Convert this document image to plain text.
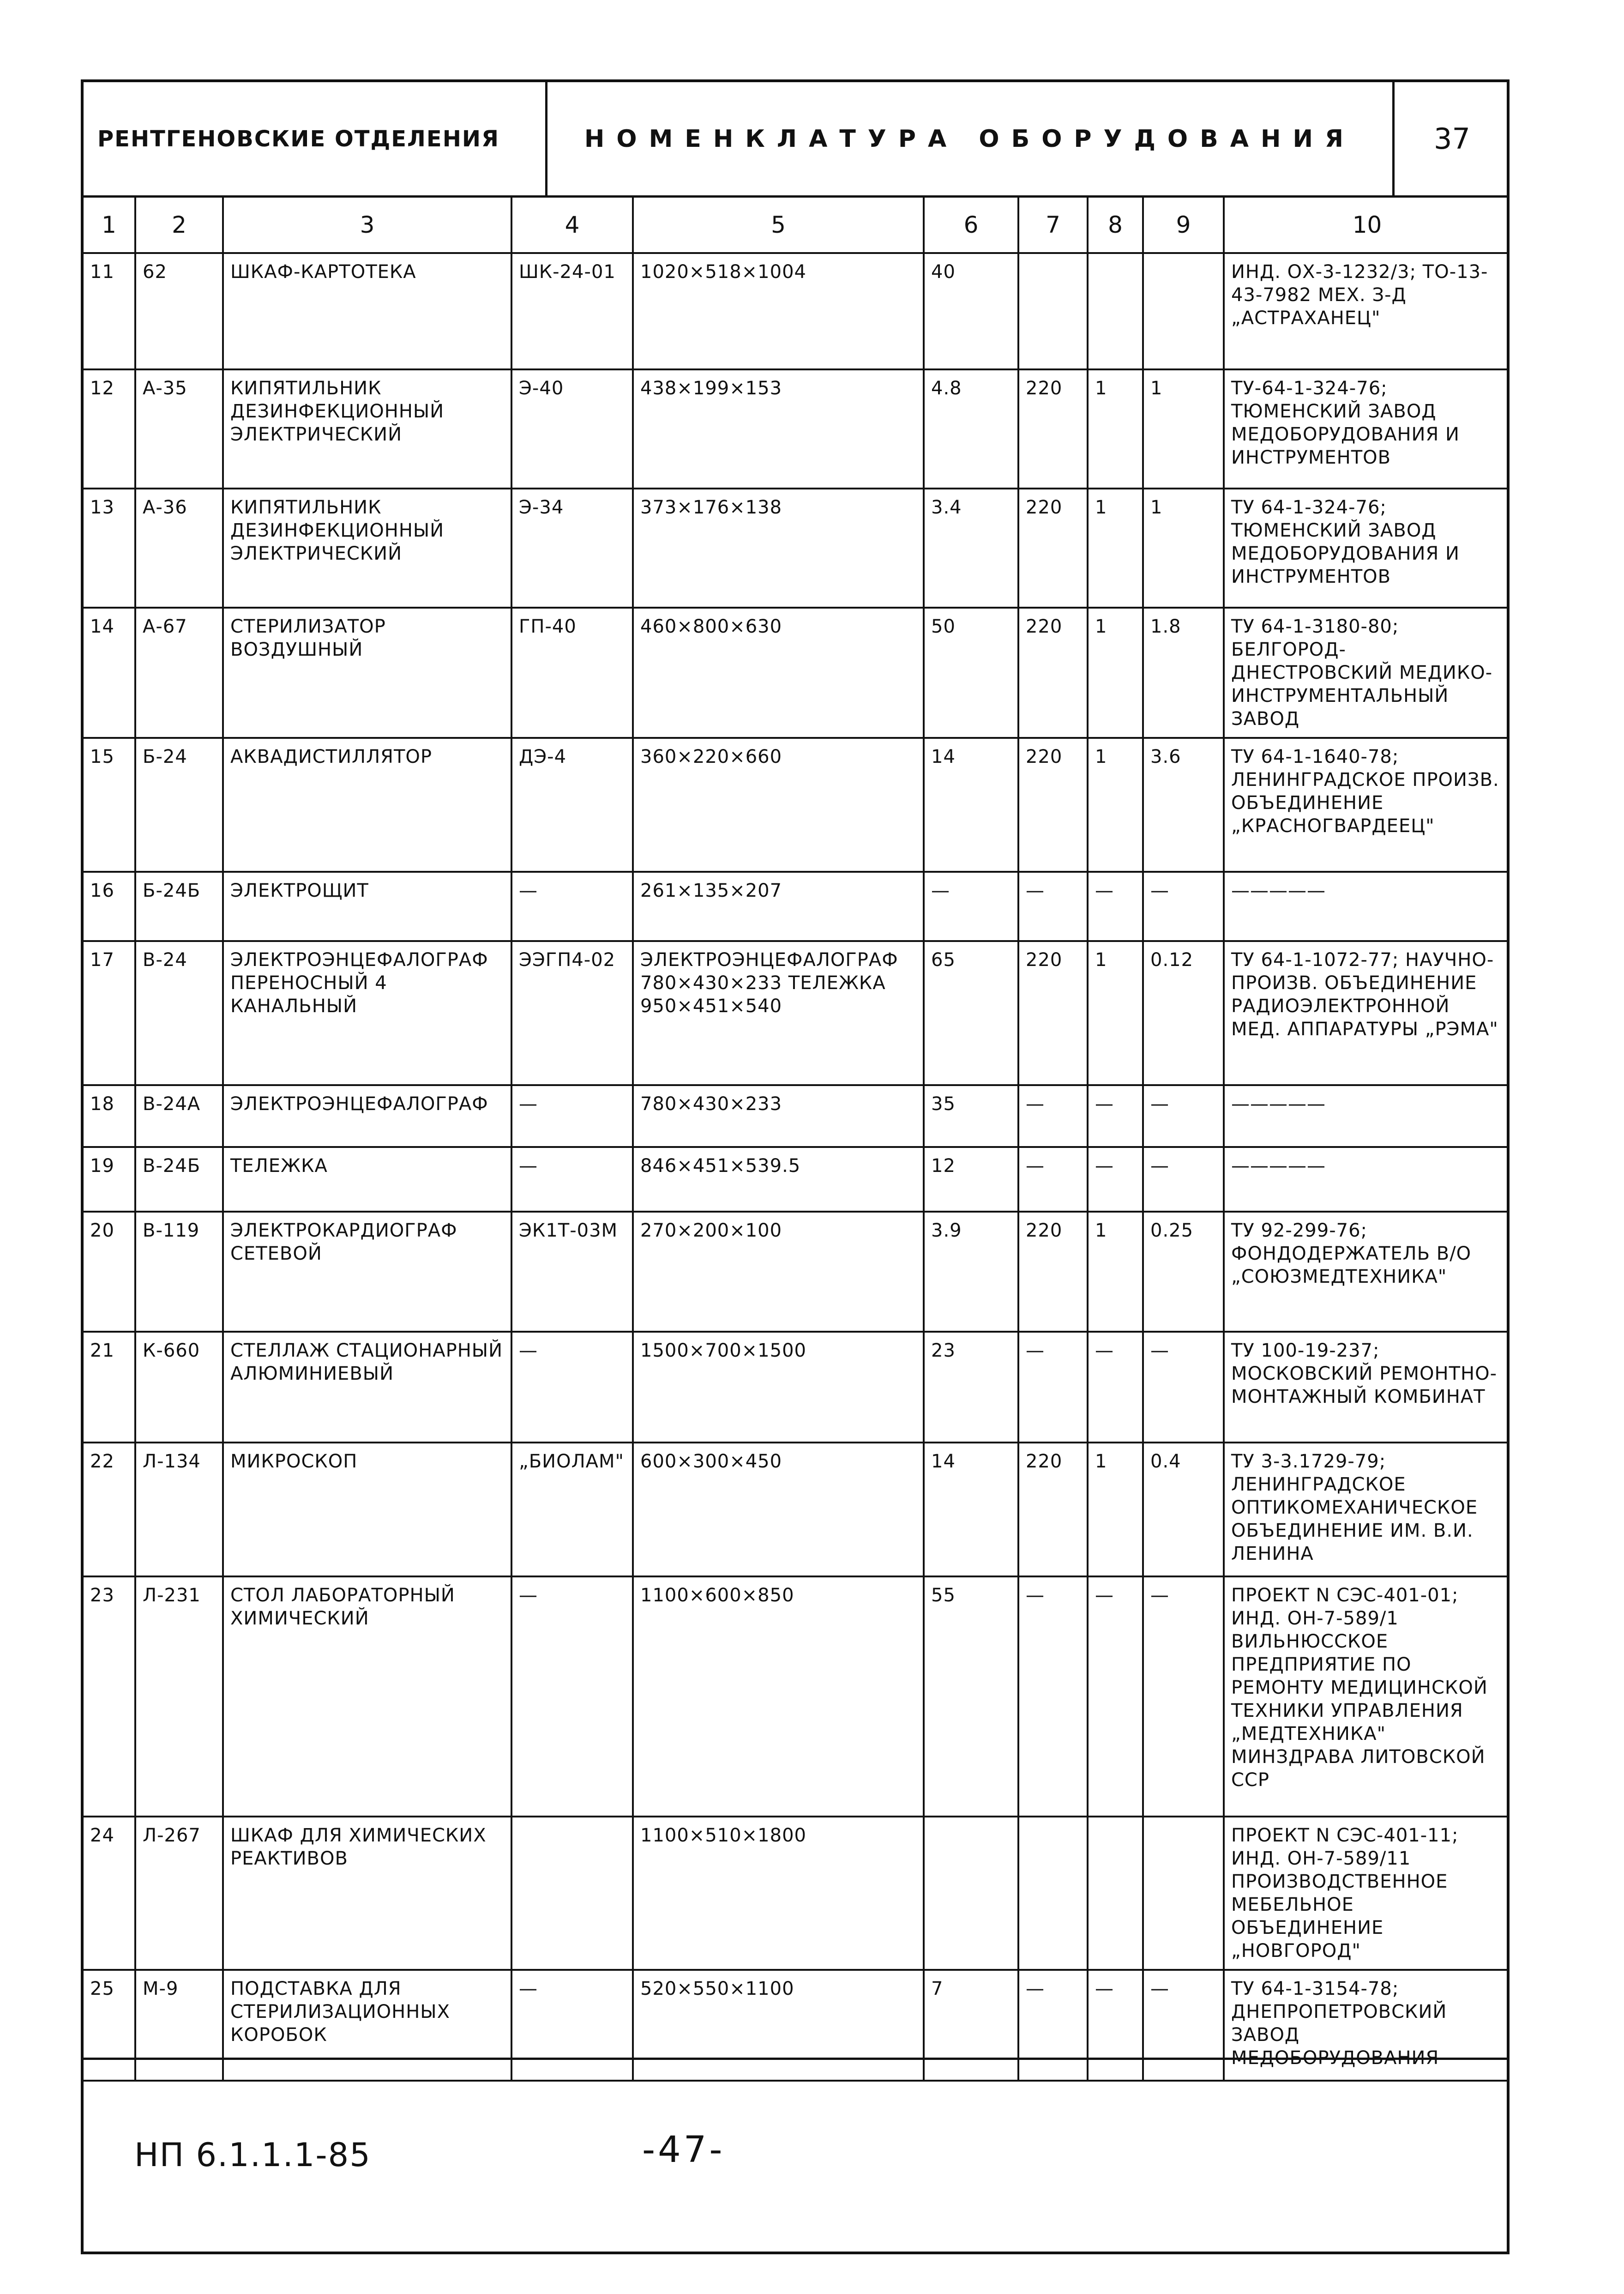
РЕНТГЕНОВСКИЕ ОТДЕЛЕНИЯ	НОМЕНКЛАТУРА ОБОРУДОВАНИЯ	37
1	2	3	4	5	6	7	8	9	10
11	62	ШКАФ-КАРТОТЕКА	ШК-24-01	1020×518×1004	40				ИНД. ОХ-3-1232/3; ТО-13-43-7982 МЕХ. З-Д „АСТРАХАНЕЦ"
12	А-35	КИПЯТИЛЬНИК ДЕЗИНФЕКЦИОННЫЙ ЭЛЕКТРИЧЕСКИЙ	Э-40	438×199×153	4.8	220	1	1	ТУ-64-1-324-76; ТЮМЕНСКИЙ ЗАВОД МЕДОБОРУДОВАНИЯ И ИНСТРУМЕНТОВ
13	А-36	КИПЯТИЛЬНИК ДЕЗИНФЕКЦИОННЫЙ ЭЛЕКТРИЧЕСКИЙ	Э-34	373×176×138	3.4	220	1	1	ТУ 64-1-324-76; ТЮМЕНСКИЙ ЗАВОД МЕДОБОРУДОВАНИЯ И ИНСТРУМЕНТОВ
14	А-67	СТЕРИЛИЗАТОР ВОЗДУШНЫЙ	ГП-40	460×800×630	50	220	1	1.8	ТУ 64-1-3180-80; БЕЛГОРОД-ДНЕСТРОВСКИЙ МЕДИКО-ИНСТРУМЕНТАЛЬНЫЙ ЗАВОД
15	Б-24	АКВАДИСТИЛЛЯТОР	ДЭ-4	360×220×660	14	220	1	3.6	ТУ 64-1-1640-78; ЛЕНИНГРАДСКОЕ ПРОИЗВ. ОБЪЕДИНЕНИЕ „КРАСНОГВАРДЕЕЦ"
16	Б-24Б	ЭЛЕКТРОЩИТ	—	261×135×207	—	—	—	—	—————
17	В-24	ЭЛЕКТРОЭНЦЕФАЛОГРАФ ПЕРЕНОСНЫЙ 4 КАНАЛЬНЫЙ	ЭЭГП4-02	ЭЛЕКТРОЭНЦЕФАЛОГРАФ 780×430×233 ТЕЛЕЖКА 950×451×540	65	220	1	0.12	ТУ 64-1-1072-77; НАУЧНО-ПРОИЗВ. ОБЪЕДИНЕНИЕ РАДИОЭЛЕКТРОННОЙ МЕД. АППАРАТУРЫ „РЭМА"
18	В-24А	ЭЛЕКТРОЭНЦЕФАЛОГРАФ	—	780×430×233	35	—	—	—	—————
19	В-24Б	ТЕЛЕЖКА	—	846×451×539.5	12	—	—	—	—————
20	В-119	ЭЛЕКТРОКАРДИОГРАФ СЕТЕВОЙ	ЭК1Т-03М	270×200×100	3.9	220	1	0.25	ТУ 92-299-76; ФОНДОДЕРЖАТЕЛЬ В/О „СОЮЗМЕДТЕХНИКА"
21	К-660	СТЕЛЛАЖ СТАЦИОНАРНЫЙ АЛЮМИНИЕВЫЙ	—	1500×700×1500	23	—	—	—	ТУ 100-19-237; МОСКОВСКИЙ РЕМОНТНО-МОНТАЖНЫЙ КОМБИНАТ
22	Л-134	МИКРОСКОП	„БИОЛАМ"	600×300×450	14	220	1	0.4	ТУ 3-3.1729-79; ЛЕНИНГРАДСКОЕ ОПТИКОМЕХАНИЧЕСКОЕ ОБЪЕДИНЕНИЕ ИМ. В.И. ЛЕНИНА
23	Л-231	СТОЛ ЛАБОРАТОРНЫЙ ХИМИЧЕСКИЙ	—	1100×600×850	55	—	—	—	ПРОЕКТ N СЭС-401-01; ИНД. ОН-7-589/1 ВИЛЬНЮССКОЕ ПРЕДПРИЯТИЕ ПО РЕМОНТУ МЕДИЦИНСКОЙ ТЕХНИКИ УПРАВЛЕНИЯ „МЕДТЕХНИКА" МИНЗДРАВА ЛИТОВСКОЙ ССР
24	Л-267	ШКАФ ДЛЯ ХИМИЧЕСКИХ РЕАКТИВОВ		1100×510×1800					ПРОЕКТ N СЭС-401-11; ИНД. ОН-7-589/11 ПРОИЗВОДСТВЕННОЕ МЕБЕЛЬНОЕ ОБЪЕДИНЕНИЕ „НОВГОРОД"
25	М-9	ПОДСТАВКА ДЛЯ СТЕРИЛИЗАЦИОННЫХ КОРОБОК	—	520×550×1100	7	—	—	—	ТУ 64-1-3154-78; ДНЕПРОПЕТРОВСКИЙ ЗАВОД МЕДОБОРУДОВАНИЯ
НП 6.1.1.1-85	-47-
